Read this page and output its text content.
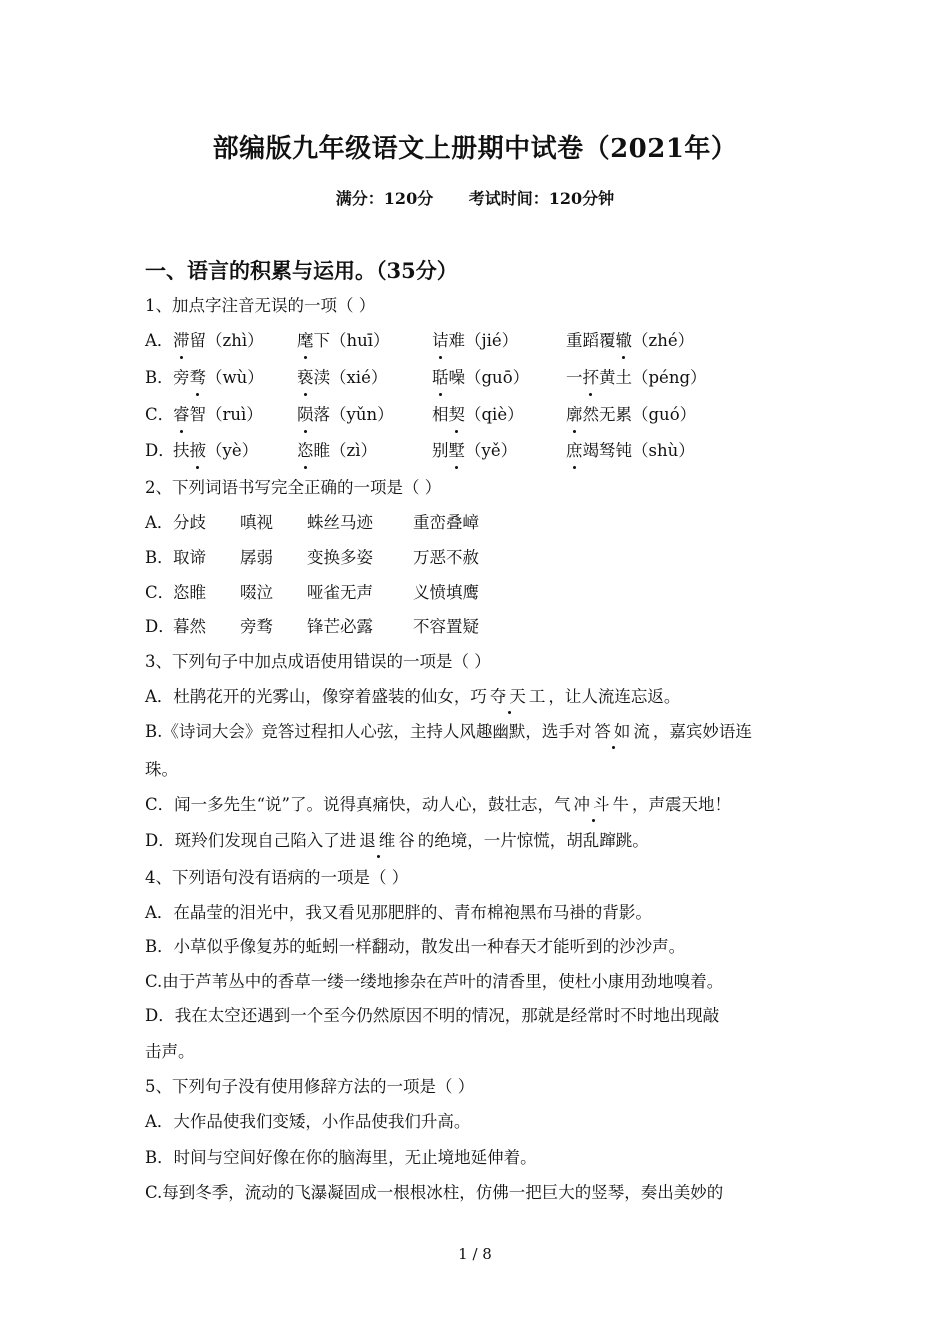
部编版九年级语文上册期中试卷（2021年）
满分：120分 考试时间：120分钟
一、语言的积累与运用。（35分）
1、加点字注音无误的一项（ ）
A． 滞留（zhì） 麾下（huī）	诘难（jié）	重蹈覆辙（zhé）
B． 旁骛（wù） 亵渎（xié）	聒噪（guō） 一抔黄土（péng）
C．
睿智（ruì） 陨落（yǔn） 相契（qiè）	廓然无累（guó）
D．
扶掖（yè） 恣睢（zì）	别墅（yě）	庶竭驽钝（shù）
2、下列词语书写完全正确的一项是（ ）
A． 分歧 嗔视 蛛丝马迹 重峦叠嶂
B． 取谛 孱弱 变换多姿 万恶不赦
C．
恣睢 啜泣 哑雀无声 义愤填鹰
D．
暮然 旁骛 锋芒必露 不容置疑
3、下列句子中加点成语使用错误的一项是（ ）
A．杜鹃花开的光雾山，像穿着盛装的仙女，巧夺天工，让人流连忘返。
B.《诗词大会》竞答过程扣人心弦，主持人风趣幽默，选手对答如流，嘉宾妙语连
珠。
C．闻一多先生“说”了。说得真痛快，动人心，鼓壮志，气冲斗牛，声震天地！
D．斑羚们发现自己陷入了进退维谷的绝境，一片惊慌，胡乱蹿跳。
4、下列语句没有语病的一项是（ ）
A．在晶莹的泪光中，我又看见那肥胖的、青布棉袍黑布马褂的背影。
B．小草似乎像复苏的蚯蚓一样翻动，散发出一种春天才能听到的沙沙声。
C.由于芦苇丛中的香草一缕一缕地掺杂在芦叶的清香里，使杜小康用劲地嗅着。
D．我在太空还遇到一个至今仍然原因不明的情况，那就是经常时不时地出现敲
击声。
5、下列句子没有使用修辞方法的一项是（ ）
A．大作品使我们变矮，小作品使我们升高。
B．时间与空间好像在你的脑海里，无止境地延伸着。
C.每到冬季，流动的飞瀑凝固成一根根冰柱，仿佛一把巨大的竖琴，奏出美妙的
1 / 8
